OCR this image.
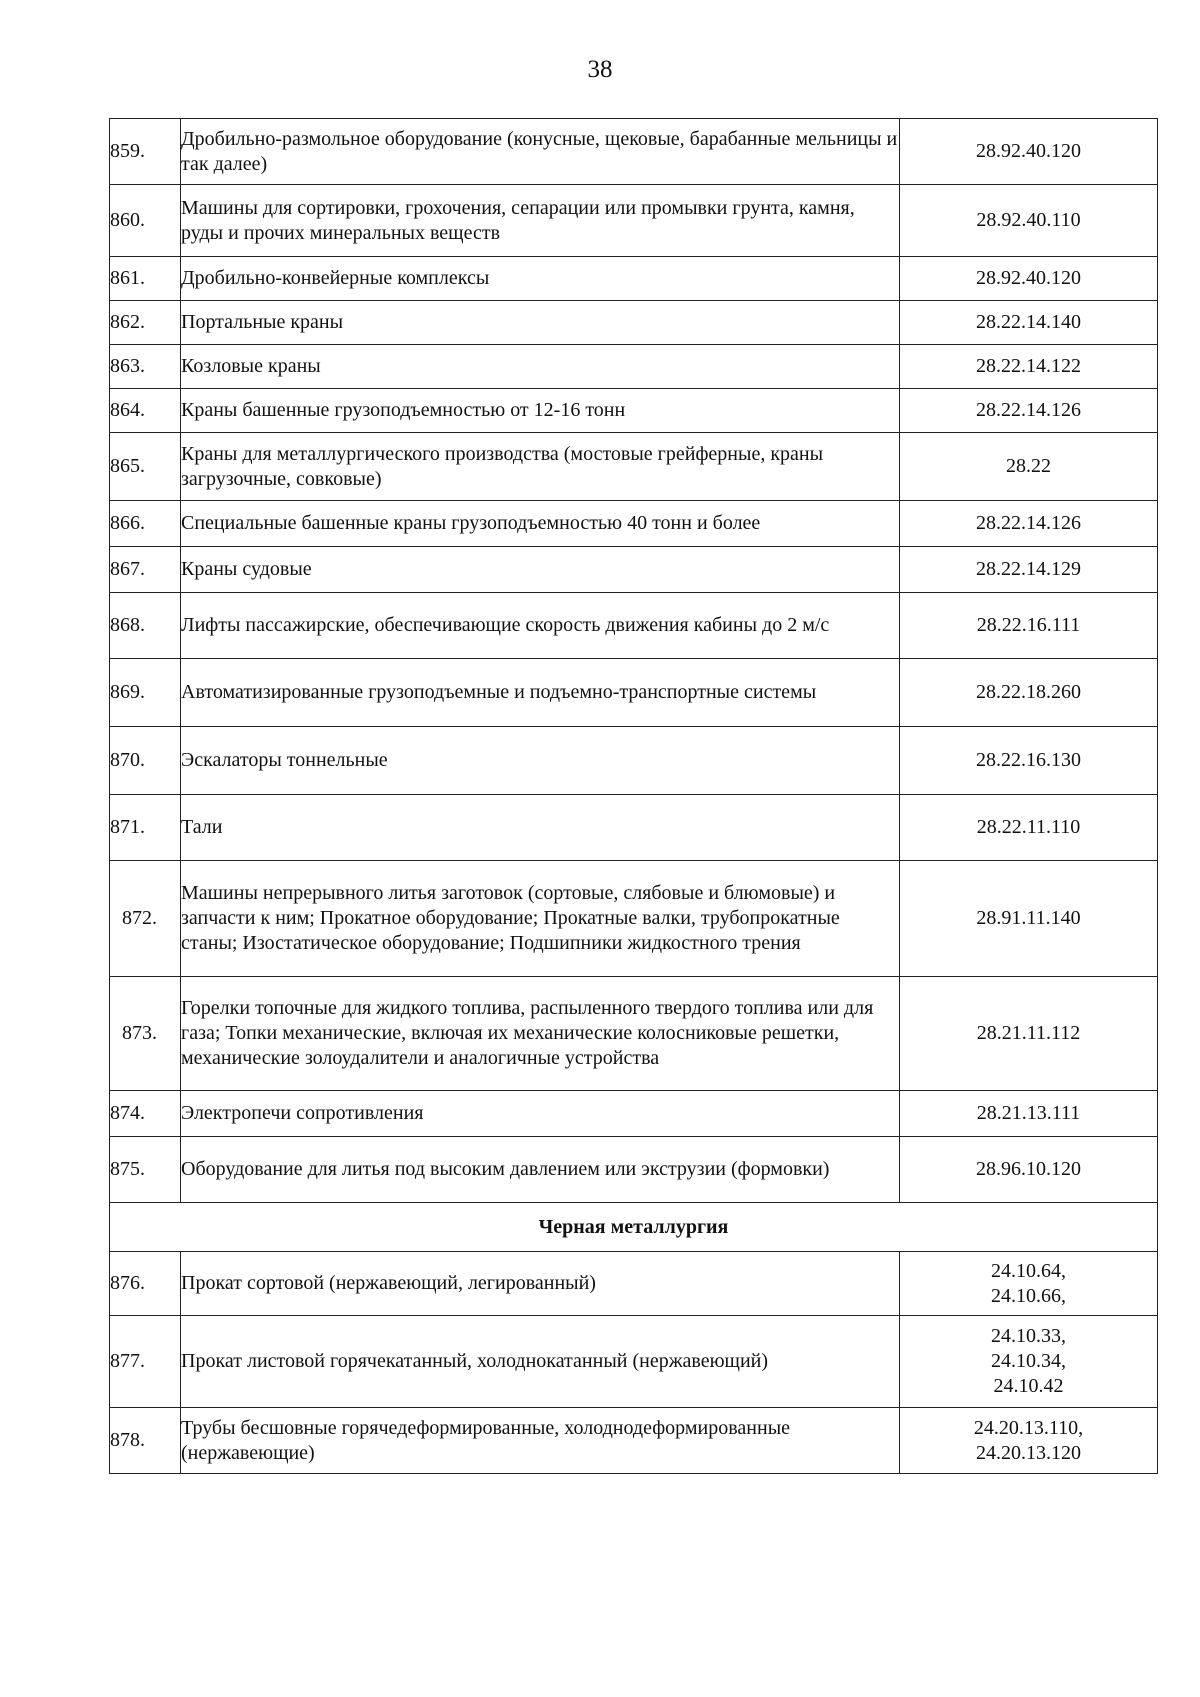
38
859.	Дробильно-размольное оборудование (конусные, щековые, барабанные мельницы и так далее)	28.92.40.120

860.	Машины для сортировки, грохочения, сепарации или промывки грунта, камня, руды и прочих минеральных веществ	28.92.40.110

861.	Дробильно-конвейерные комплексы	28.92.40.120

862.	Портальные краны	28.22.14.140

863.	Козловые краны	28.22.14.122

864.	Краны башенные грузоподъемностью от 12-16 тонн	28.22.14.126

865.	Краны для металлургического производства (мостовые грейферные, краны загрузочные, совковые)	28.22

866.	Специальные башенные краны грузоподъемностью 40 тонн и более	28.22.14.126

867.	Краны судовые	28.22.14.129

868.	Лифты пассажирские, обеспечивающие скорость движения кабины до 2 м/с	28.22.16.111

869.	Автоматизированные грузоподъемные и подъемно-транспортные системы	28.22.18.260

870.	Эскалаторы тоннельные	28.22.16.130

871.	Тали	28.22.11.110

872.	Машины непрерывного литья заготовок (сортовые, слябовые и блюмовые) и запчасти к ним; Прокатное оборудование; Прокатные валки, трубопрокатные станы; Изостатическое оборудование; Подшипники жидкостного трения	28.91.11.140

873.	Горелки топочные для жидкого топлива, распыленного твердого топлива или для газа; Топки механические, включая их механические колосниковые решетки, механические золоудалители и аналогичные устройства	28.21.11.112

874.	Электропечи сопротивления	28.21.13.111

875.	Оборудование для литья под высоким давлением или экструзии (формовки)	28.96.10.120

Черная металлургия		
876.	Прокат сортовой (нержавеющий, легированный)	24.10.64,
24.10.66,

877.	Прокат листовой горячекатанный, холоднокатанный (нержавеющий)	24.10.33,
24.10.34,
24.10.42

878.	Трубы бесшовные горячедеформированные, холоднодеформированные (нержавеющие)	24.20.13.110,
24.20.13.120
